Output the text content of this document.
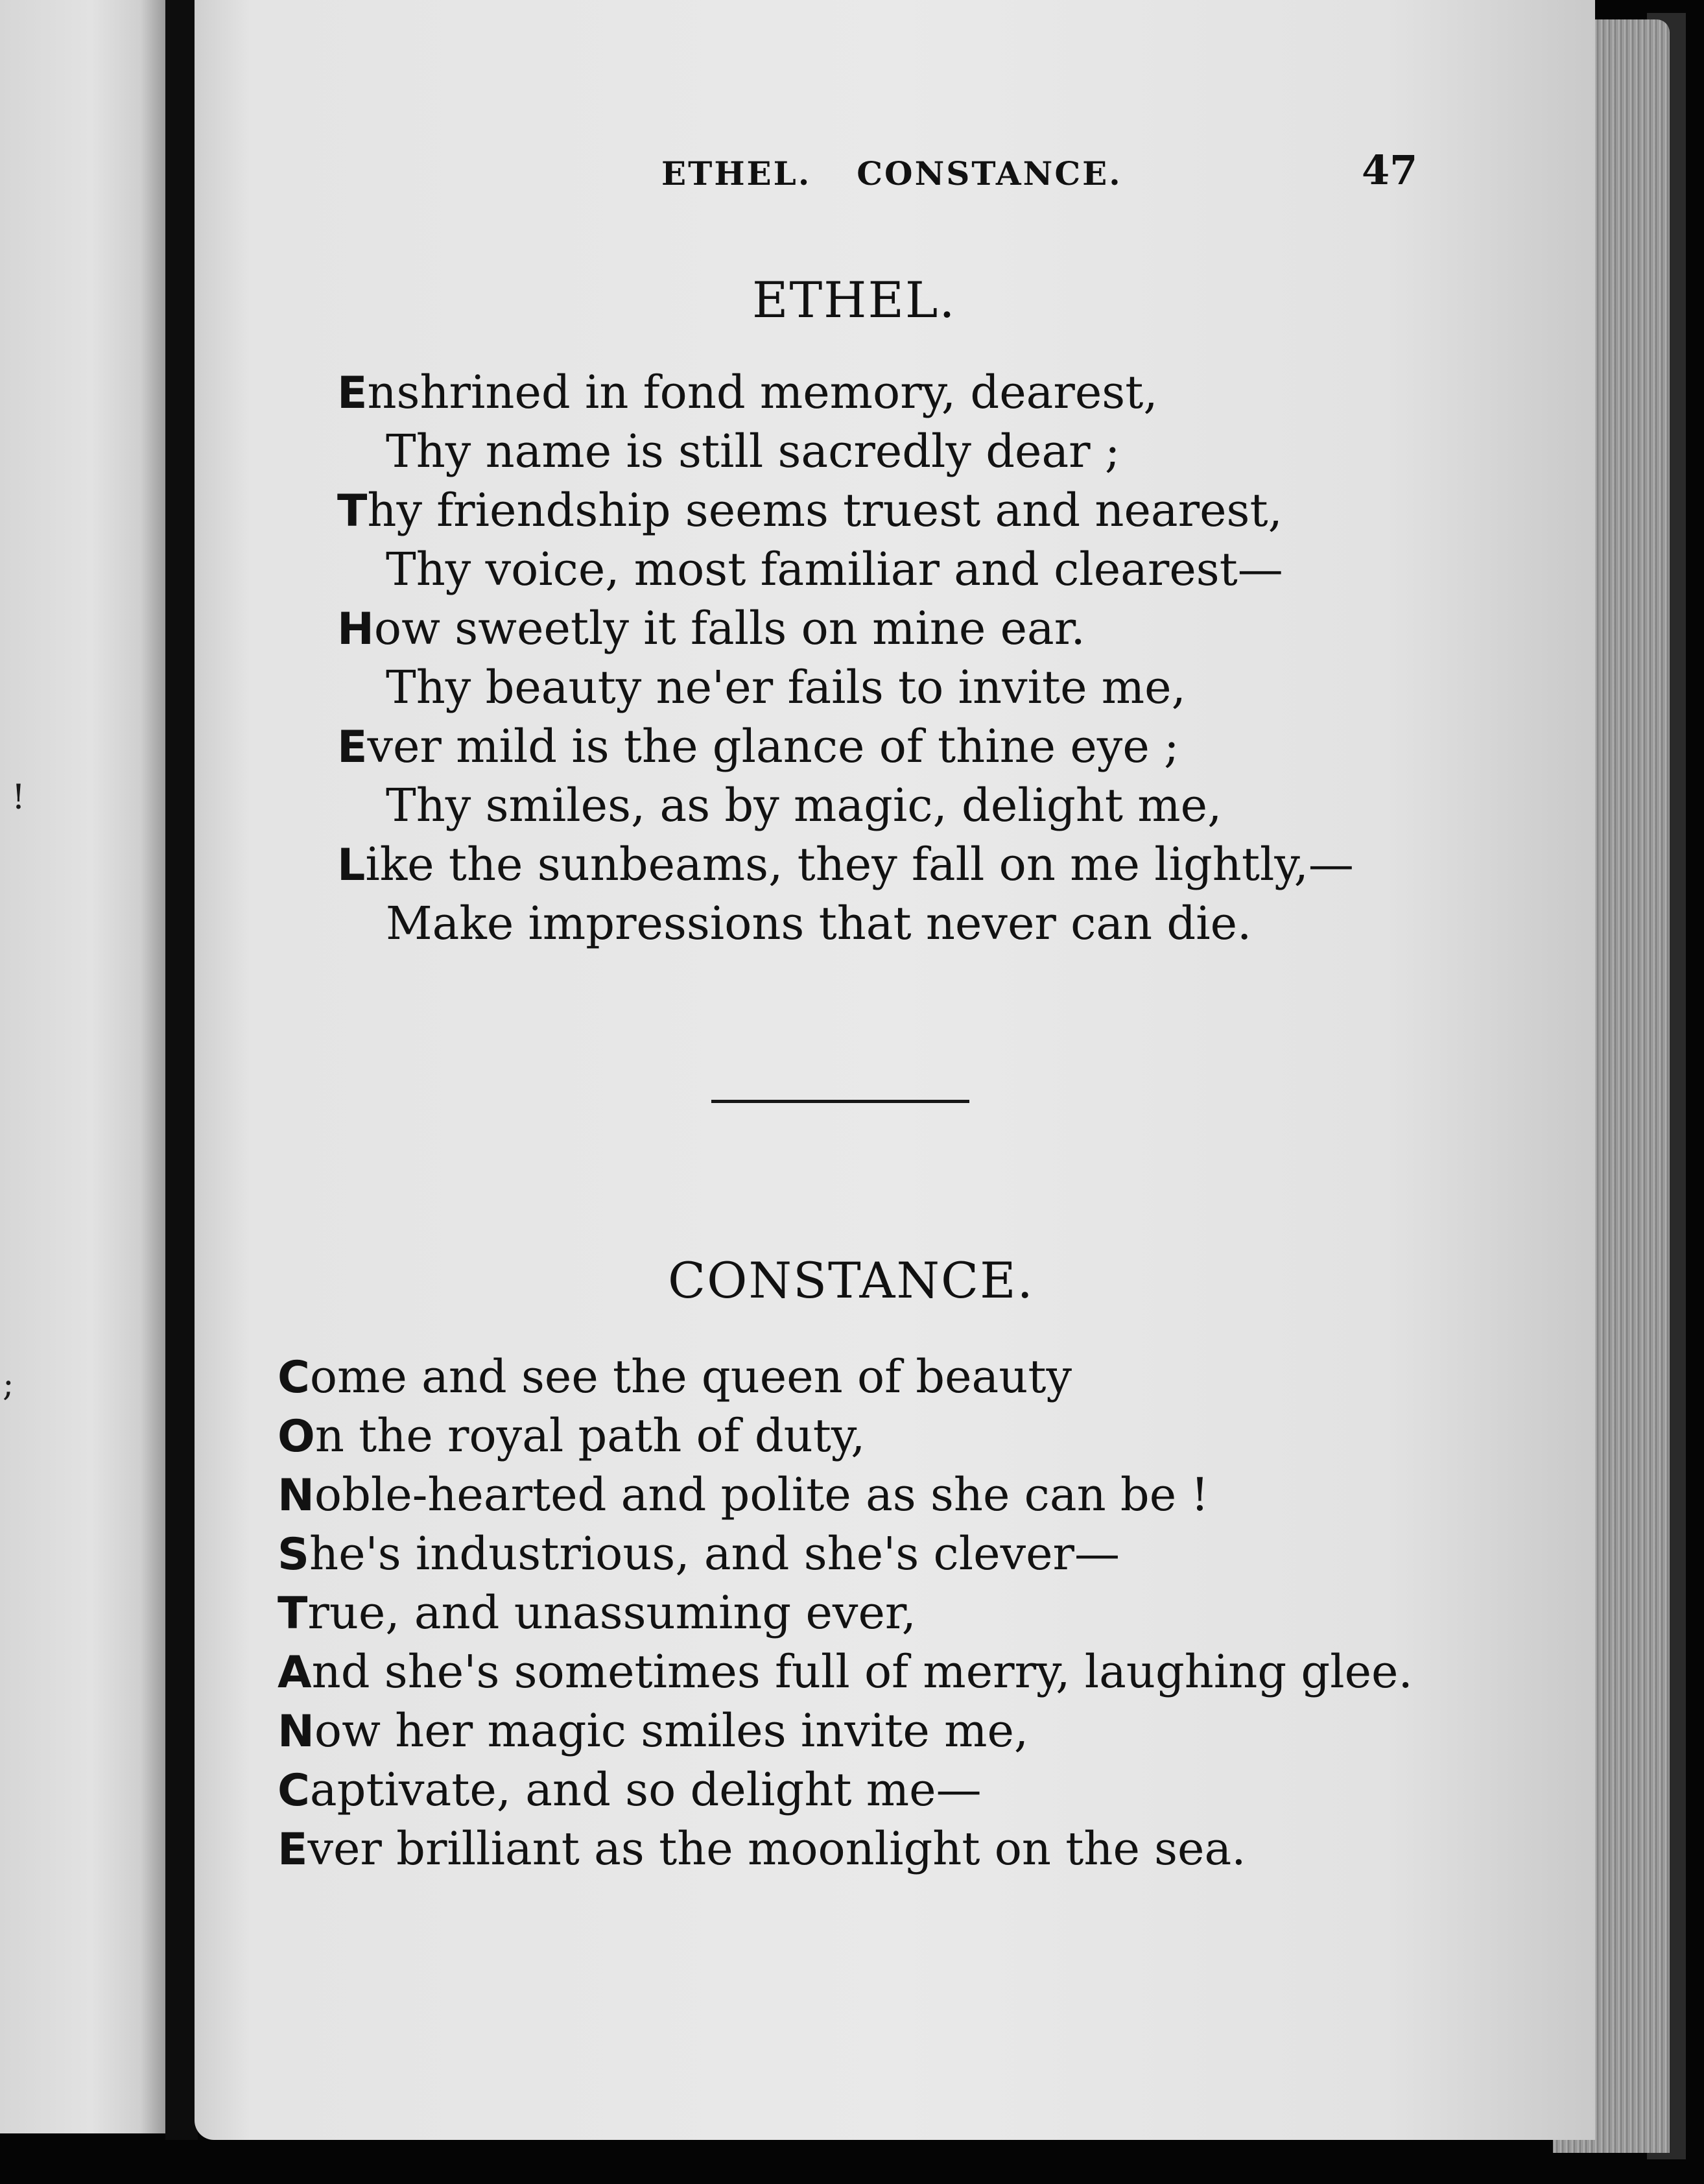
!
;
ETHEL. CONSTANCE.	47
ETHEL.
Enshrined in fond memory, dearest,
Thy name is still sacredly dear ;
Thy friendship seems truest and nearest,
Thy voice, most familiar and clearest—
How sweetly it falls on mine ear.
Thy beauty ne'er fails to invite me,
Ever mild is the glance of thine eye ;
Thy smiles, as by magic, delight me,
Like the sunbeams, they fall on me lightly,—
Make impressions that never can die.
CONSTANCE.
Come and see the queen of beauty
On the royal path of duty,
Noble-hearted and polite as she can be !
She's industrious, and she's clever—
True, and unassuming ever,
And she's sometimes full of merry, laughing glee.
Now her magic smiles invite me,
Captivate, and so delight me—
Ever brilliant as the moonlight on the sea.
